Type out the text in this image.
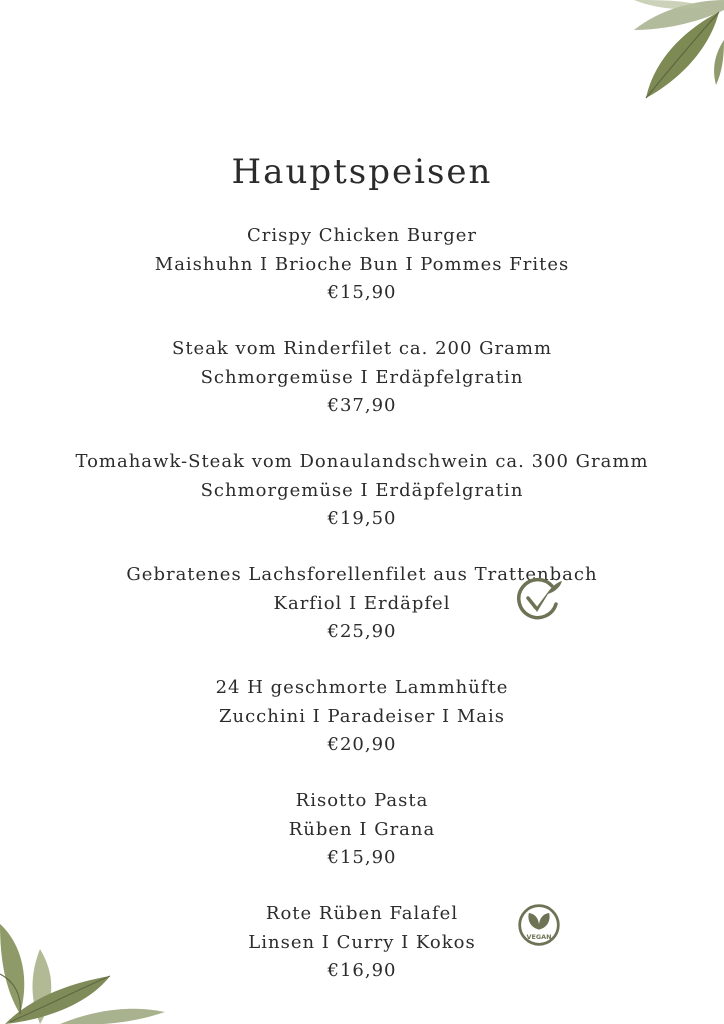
Hauptspeisen
Crispy Chicken Burger
Maishuhn I Brioche Bun I Pommes Frites
€15,90
Steak vom Rinderfilet ca. 200 Gramm
Schmorgemüse I Erdäpfelgratin
€37,90
Tomahawk-Steak vom Donaulandschwein ca. 300 Gramm
Schmorgemüse I Erdäpfelgratin
€19,50
Gebratenes Lachsforellenfilet aus Trattenbach
Karfiol I Erdäpfel
€25,90
24 H geschmorte Lammhüfte
Zucchini I Paradeiser I Mais
€20,90
Risotto Pasta
Rüben I Grana
€15,90
Rote Rüben Falafel
Linsen I Curry I Kokos
€16,90
VEGAN
